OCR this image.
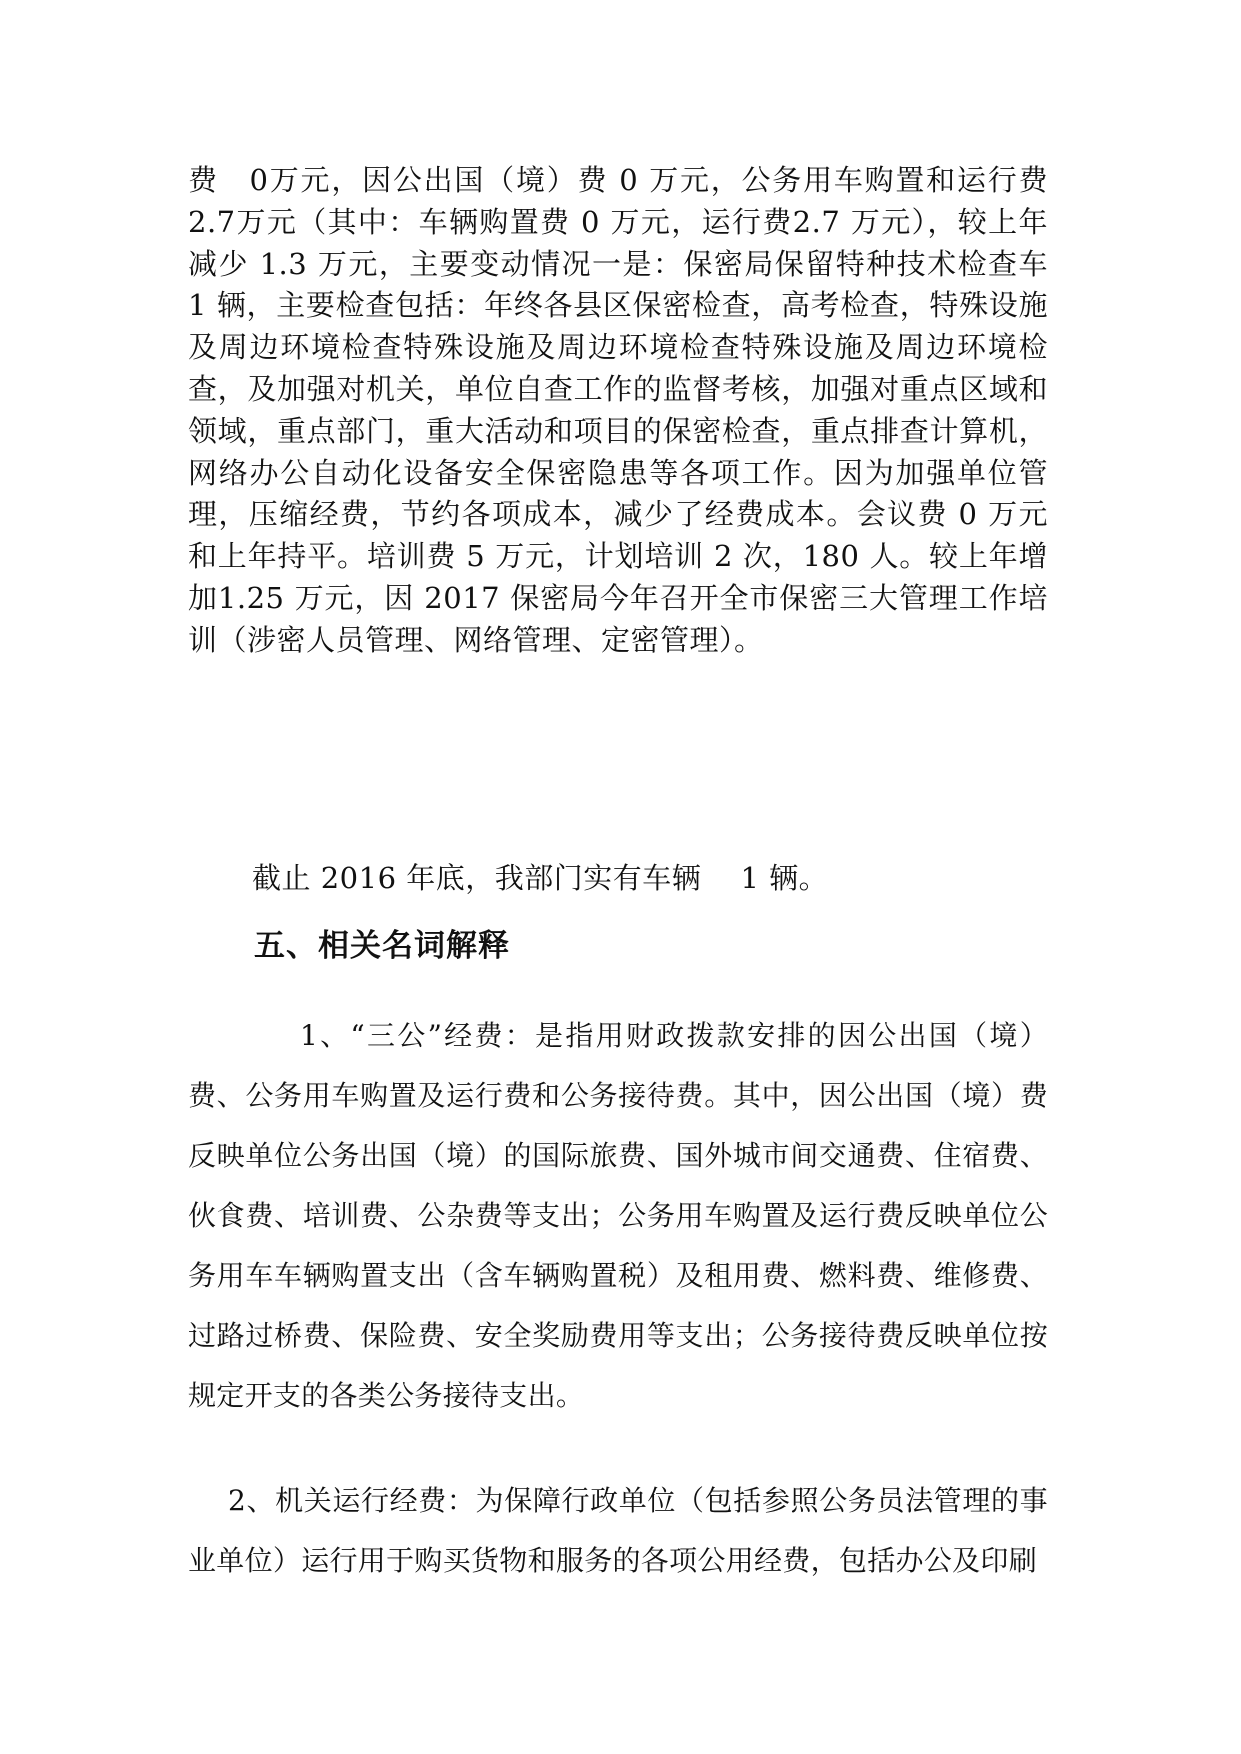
费　0万元，因公出国（境）费 0 万元，公务用车购置和运行费 2.7万元（其中：车辆购置费 0 万元，运行费2.7 万元），较上年减少 1.3 万元，主要变动情况一是：保密局保留特种技术检查车 1 辆，主要检查包括：年终各县区保密检查，高考检查，特殊设施及周边环境检查特殊设施及周边环境检查特殊设施及周边环境检查，及加强对机关，单位自查工作的监督考核，加强对重点区域和领域，重点部门，重大活动和项目的保密检查，重点排查计算机，网络办公自动化设备安全保密隐患等各项工作。因为加强单位管理，压缩经费，节约各项成本，减少了经费成本。会议费 0 万元和上年持平。培训费 5 万元，计划培训 2 次，180 人。较上年增加1.25 万元，因 2017 保密局今年召开全市保密三大管理工作培训（涉密人员管理、网络管理、定密管理）。

截止 2016 年底，我部门实有车辆　 1 辆。

五、相关名词解释

1、“三公”经费：是指用财政拨款安排的因公出国（境）费、公务用车购置及运行费和公务接待费。其中，因公出国（境）费反映单位公务出国（境）的国际旅费、国外城市间交通费、住宿费、伙食费、培训费、公杂费等支出；公务用车购置及运行费反映单位公务用车车辆购置支出（含车辆购置税）及租用费、燃料费、维修费、过路过桥费、保险费、安全奖励费用等支出；公务接待费反映单位按规定开支的各类公务接待支出。

2、机关运行经费：为保障行政单位（包括参照公务员法管理的事业单位）运行用于购买货物和服务的各项公用经费，包括办公及印刷
